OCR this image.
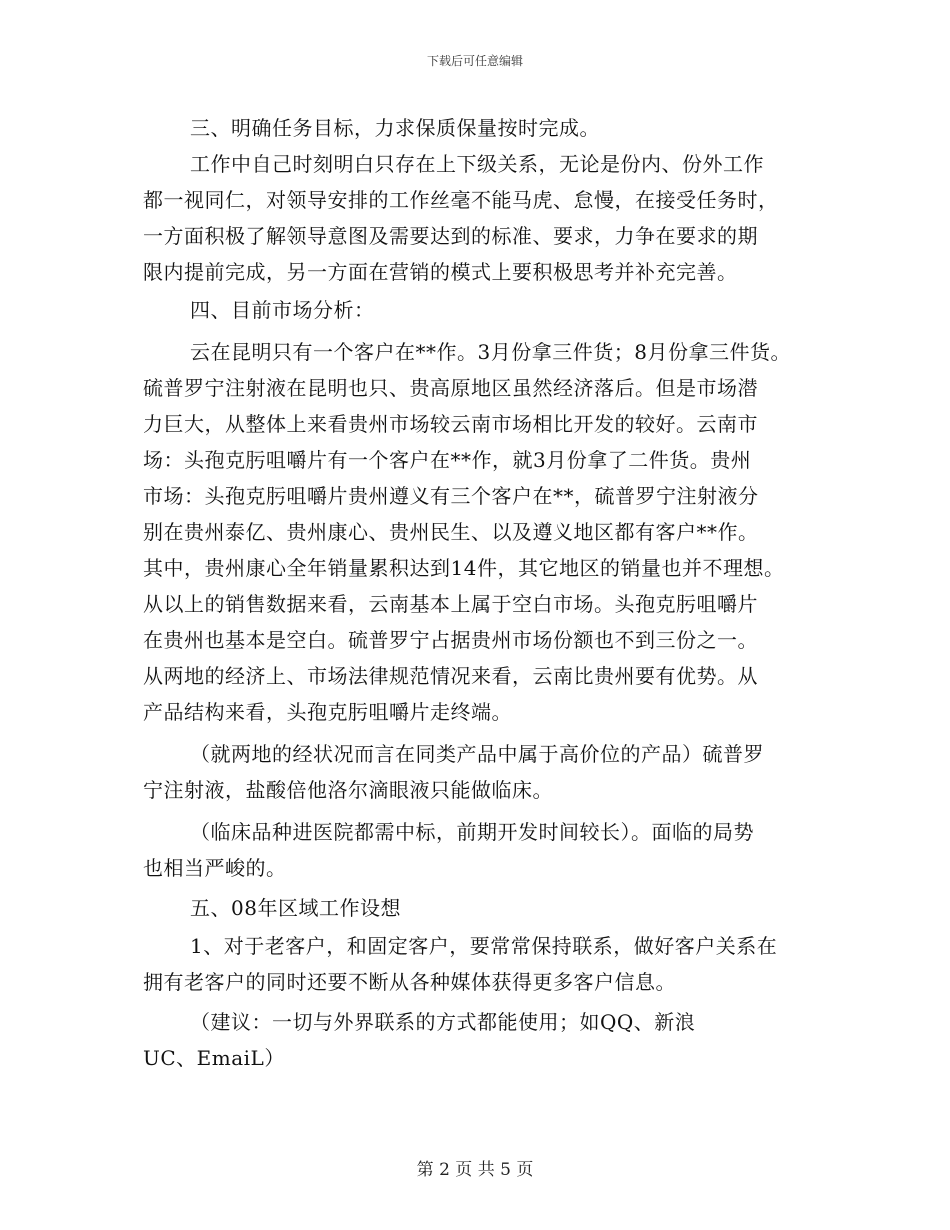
下载后可任意编辑
三、明确任务目标，力求保质保量按时完成。
工作中自己时刻明白只存在上下级关系，无论是份内、份外工作
都一视同仁，对领导安排的工作丝毫不能马虎、怠慢，在接受任务时，
一方面积极了解领导意图及需要达到的标准、要求，力争在要求的期
限内提前完成，另一方面在营销的模式上要积极思考并补充完善。
四、目前市场分析：
云在昆明只有一个客户在**作。3月份拿三件货；8月份拿三件货。
硫普罗宁注射液在昆明也只、贵高原地区虽然经济落后。但是市场潜
力巨大，从整体上来看贵州市场较云南市场相比开发的较好。云南市
场：头孢克肟咀嚼片有一个客户在**作，就3月份拿了二件货。贵州
市场：头孢克肟咀嚼片贵州遵义有三个客户在**，硫普罗宁注射液分
别在贵州泰亿、贵州康心、贵州民生、以及遵义地区都有客户**作。
其中，贵州康心全年销量累积达到14件，其它地区的销量也并不理想。
从以上的销售数据来看，云南基本上属于空白市场。头孢克肟咀嚼片
在贵州也基本是空白。硫普罗宁占据贵州市场份额也不到三份之一。
从两地的经济上、市场法律规范情况来看，云南比贵州要有优势。从
产品结构来看，头孢克肟咀嚼片走终端。
（就两地的经状况而言在同类产品中属于高价位的产品）硫普罗
宁注射液，盐酸倍他洛尔滴眼液只能做临床。
（临床品种进医院都需中标，前期开发时间较长）。面临的局势
也相当严峻的。
五、08年区域工作设想
1、对于老客户，和固定客户，要常常保持联系，做好客户关系在
拥有老客户的同时还要不断从各种媒体获得更多客户信息。
（建议：一切与外界联系的方式都能使用；如QQ、新浪
UC、EmaiL）
第 2 页 共 5 页
